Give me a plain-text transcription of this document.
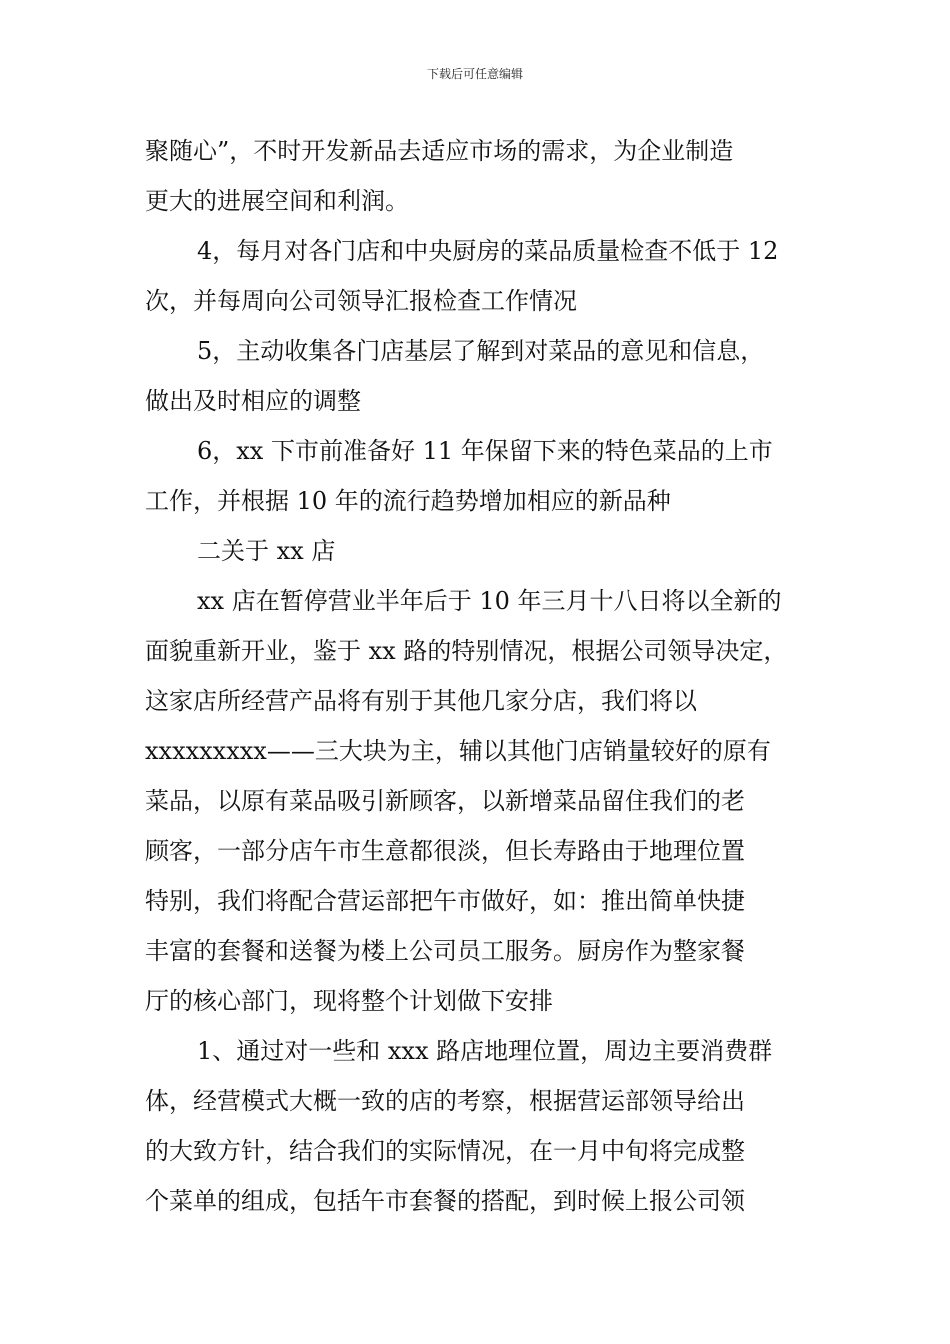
下载后可任意编辑
聚随心”，不时开发新品去适应市场的需求，为企业制造
更大的进展空间和利润。
4，每月对各门店和中央厨房的菜品质量检查不低于 12
次，并每周向公司领导汇报检查工作情况
5，主动收集各门店基层了解到对菜品的意见和信息，
做出及时相应的调整
6，xx 下市前准备好 11 年保留下来的特色菜品的上市
工作，并根据 10 年的流行趋势增加相应的新品种
二关于 xx 店
xx 店在暂停营业半年后于 10 年三月十八日将以全新的
面貌重新开业，鉴于 xx 路的特别情况，根据公司领导决定，
这家店所经营产品将有别于其他几家分店，我们将以
xxxxxxxxx——三大块为主，辅以其他门店销量较好的原有
菜品，以原有菜品吸引新顾客，以新增菜品留住我们的老
顾客，一部分店午市生意都很淡，但长寿路由于地理位置
特别，我们将配合营运部把午市做好，如：推出简单快捷
丰富的套餐和送餐为楼上公司员工服务。厨房作为整家餐
厅的核心部门，现将整个计划做下安排
1、通过对一些和 xxx 路店地理位置，周边主要消费群
体，经营模式大概一致的店的考察，根据营运部领导给出
的大致方针，结合我们的实际情况，在一月中旬将完成整
个菜单的组成，包括午市套餐的搭配，到时候上报公司领
